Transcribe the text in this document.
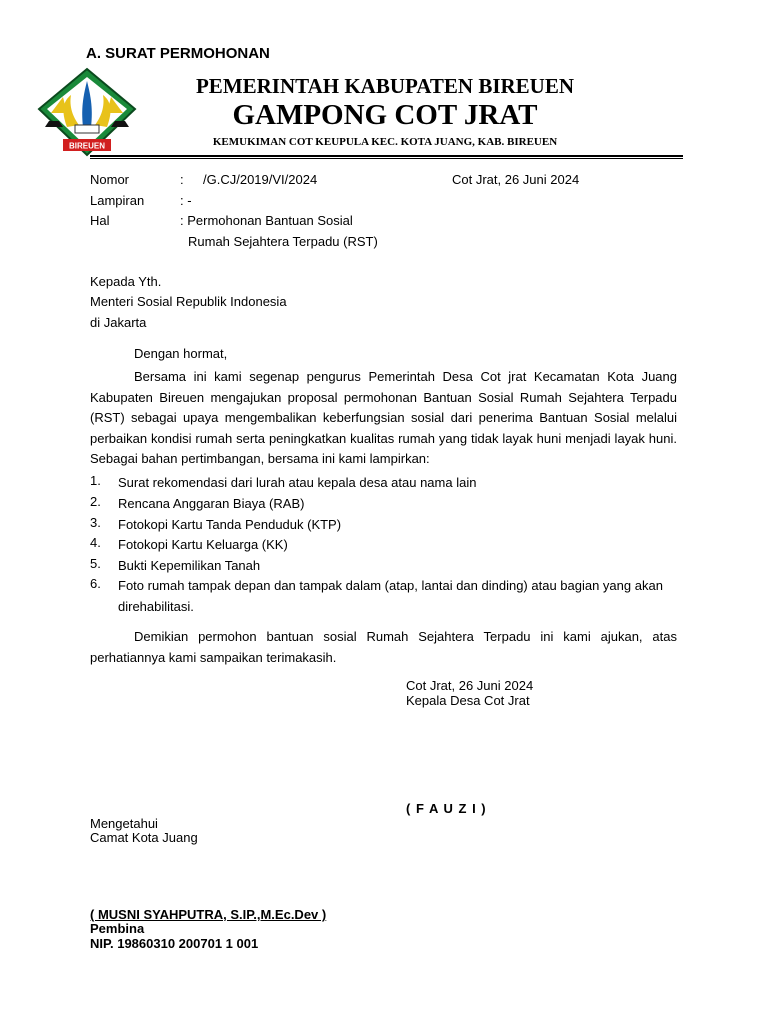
A. SURAT PERMOHONAN
BIREUEN
PEMERINTAH KABUPATEN BIREUEN
GAMPONG COT JRAT
KEMUKIMAN COT KEUPULA KEC. KOTA JUANG, KAB. BIREUEN
Nomor	: /G.CJ/2019/VI/2024	Cot Jrat, 26 Juni 2024
Lampiran	: -
Hal	: Permohonan Bantuan Sosial
Rumah Sejahtera Terpadu (RST)
Kepada Yth.
Menteri Sosial Republik Indonesia
di Jakarta
Dengan hormat,
Bersama ini kami segenap pengurus Pemerintah Desa Cot jrat Kecamatan Kota Juang Kabupaten Bireuen mengajukan proposal permohonan Bantuan Sosial Rumah Sejahtera Terpadu (RST) sebagai upaya mengembalikan keberfungsian sosial dari penerima Bantuan Sosial melalui perbaikan kondisi rumah serta peningkatkan kualitas rumah yang tidak layak huni menjadi layak huni. Sebagai bahan pertimbangan, bersama ini kami lampirkan:
1. Surat rekomendasi dari lurah atau kepala desa atau nama lain
2. Rencana Anggaran Biaya (RAB)
3. Fotokopi Kartu Tanda Penduduk (KTP)
4. Fotokopi Kartu Keluarga (KK)
5. Bukti Kepemilikan Tanah
6. Foto rumah tampak depan dan tampak dalam (atap, lantai dan dinding) atau bagian yang akan direhabilitasi.
Demikian permohon bantuan sosial Rumah Sejahtera Terpadu ini kami ajukan, atas perhatiannya kami sampaikan terimakasih.
Cot Jrat, 26 Juni 2024
Kepala Desa Cot Jrat
( F A U Z I )
Mengetahui
Camat Kota Juang
( MUSNI SYAHPUTRA, S.IP.,M.Ec.Dev )
Pembina
NIP. 19860310 200701 1 001
